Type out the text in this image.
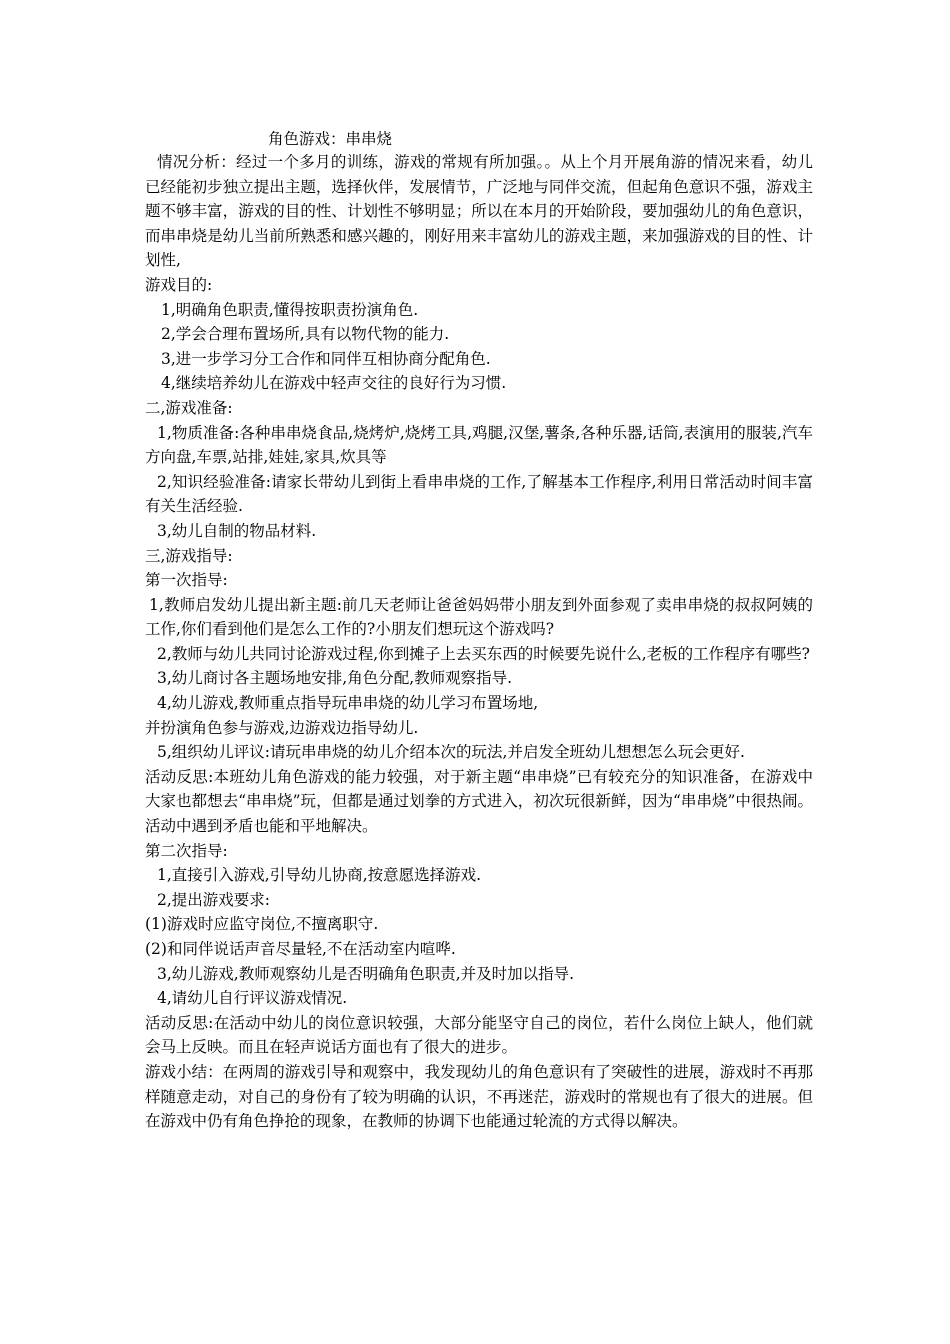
角色游戏：串串烧

情况分析：经过一个多月的训练，游戏的常规有所加强。。从上个月开展角游的情况来看，幼儿已经能初步独立提出主题，选择伙伴，发展情节，广泛地与同伴交流，但起角色意识不强，游戏主题不够丰富，游戏的目的性、计划性不够明显；所以在本月的开始阶段，要加强幼儿的角色意识，而串串烧是幼儿当前所熟悉和感兴趣的，刚好用来丰富幼儿的游戏主题，来加强游戏的目的性、计划性,

游戏目的:

1,明确角色职责,懂得按职责扮演角色.

2,学会合理布置场所,具有以物代物的能力.

3,进一步学习分工合作和同伴互相协商分配角色.

4,继续培养幼儿在游戏中轻声交往的良好行为习惯.

二,游戏准备:

1,物质准备:各种串串烧食品,烧烤炉,烧烤工具,鸡腿,汉堡,薯条,各种乐器,话筒,表演用的服装,汽车方向盘,车票,站排,娃娃,家具,炊具等

2,知识经验准备:请家长带幼儿到街上看串串烧的工作,了解基本工作程序,利用日常活动时间丰富有关生活经验.

3,幼儿自制的物品材料.

三,游戏指导:

第一次指导:

1,教师启发幼儿提出新主题:前几天老师让爸爸妈妈带小朋友到外面参观了卖串串烧的叔叔阿姨的工作,你们看到他们是怎么工作的?小朋友们想玩这个游戏吗?

2,教师与幼儿共同讨论游戏过程,你到摊子上去买东西的时候要先说什么,老板的工作程序有哪些?

3,幼儿商讨各主题场地安排,角色分配,教师观察指导.

4,幼儿游戏,教师重点指导玩串串烧的幼儿学习布置场地,

并扮演角色参与游戏,边游戏边指导幼儿.

5,组织幼儿评议:请玩串串烧的幼儿介绍本次的玩法,并启发全班幼儿想想怎么玩会更好.

活动反思:本班幼儿角色游戏的能力较强，对于新主题“串串烧”已有较充分的知识准备，在游戏中大家也都想去“串串烧”玩，但都是通过划拳的方式进入，初次玩很新鲜，因为“串串烧”中很热闹。活动中遇到矛盾也能和平地解决。

第二次指导:

1,直接引入游戏,引导幼儿协商,按意愿选择游戏.

2,提出游戏要求:

(1)游戏时应监守岗位,不擅离职守.

(2)和同伴说话声音尽量轻,不在活动室内喧哗.

3,幼儿游戏,教师观察幼儿是否明确角色职责,并及时加以指导.

4,请幼儿自行评议游戏情况.

活动反思:在活动中幼儿的岗位意识较强，大部分能坚守自己的岗位，若什么岗位上缺人，他们就会马上反映。而且在轻声说话方面也有了很大的进步。

游戏小结：在两周的游戏引导和观察中，我发现幼儿的角色意识有了突破性的进展，游戏时不再那样随意走动，对自己的身份有了较为明确的认识，不再迷茫，游戏时的常规也有了很大的进展。但在游戏中仍有角色挣抢的现象，在教师的协调下也能通过轮流的方式得以解决。
